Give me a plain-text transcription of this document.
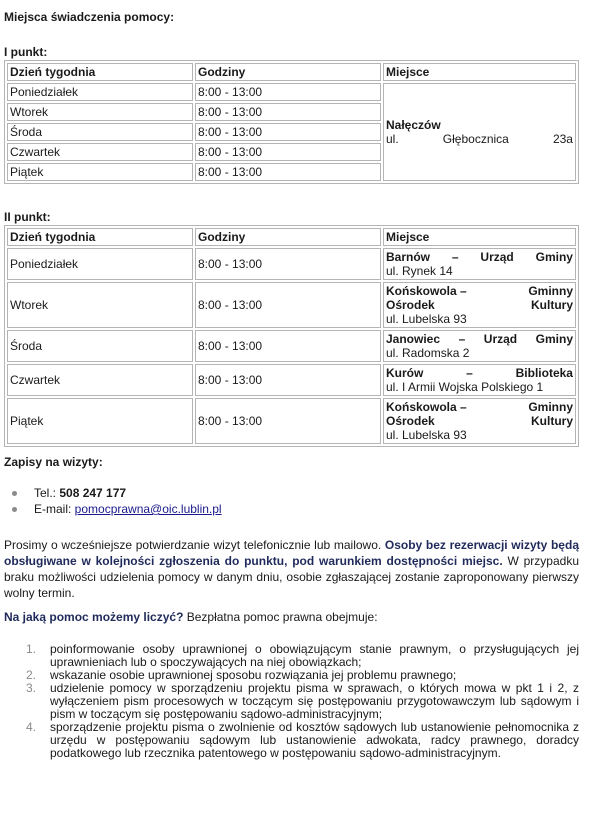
Miejsca świadczenia pomocy:
I punkt:
Dzień tygodnia	Godziny	Miejsce
Poniedziałek	8:00 - 13:00	Nałęczów
ul. Głębocznica 23a

Wtorek	8:00 - 13:00	
Środa	8:00 - 13:00	
Czwartek	8:00 - 13:00	
Piątek	8:00 - 13:00	
II punkt:
Dzień tygodnia	Godziny	Miejsce
Poniedziałek	8:00 - 13:00	Barnów – Urząd Gminy
ul. Rynek 14

Wtorek	8:00 - 13:00	Końskowola – Gminny
Ośrodek Kultury
ul. Lubelska 93

Środa	8:00 - 13:00	Janowiec – Urząd Gminy
ul. Radomska 2

Czwartek	8:00 - 13:00	Kurów – Biblioteka
ul. I Armii Wojska Polskiego 1

Piątek	8:00 - 13:00	Końskowola – Gminny
Ośrodek Kultury
ul. Lubelska 93
Zapisy na wizyty:
Tel.: 508 247 177
E-mail: pomocprawna@oic.lublin.pl

Prosimy o wcześniejsze potwierdzanie wizyt telefonicznie lub mailowo. Osoby bez rezerwacji wizyty będą obsługiwane w kolejności zgłoszenia do punktu, pod warunkiem dostępności miejsc. W przypadku braku możliwości udzielenia pomocy w danym dniu, osobie zgłaszającej zostanie zaproponowany pierwszy wolny termin.

Na jaką pomoc możemy liczyć? Bezpłatna pomoc prawna obejmuje:

1. poinformowanie osoby uprawnionej o obowiązującym stanie prawnym, o przysługujących jej uprawnieniach lub o spoczywających na niej obowiązkach;
2. wskazanie osobie uprawnionej sposobu rozwiązania jej problemu prawnego;
3. udzielenie pomocy w sporządzeniu projektu pisma w sprawach, o których mowa w pkt 1 i 2, z wyłączeniem pism procesowych w toczącym się postępowaniu przygotowawczym lub sądowym i pism w toczącym się postępowaniu sądowo-administracyjnym;
4. sporządzenie projektu pisma o zwolnienie od kosztów sądowych lub ustanowienie pełnomocnika z urzędu w postępowaniu sądowym lub ustanowienie adwokata, radcy prawnego, doradcy podatkowego lub rzecznika patentowego w postępowaniu sądowo-administracyjnym.
